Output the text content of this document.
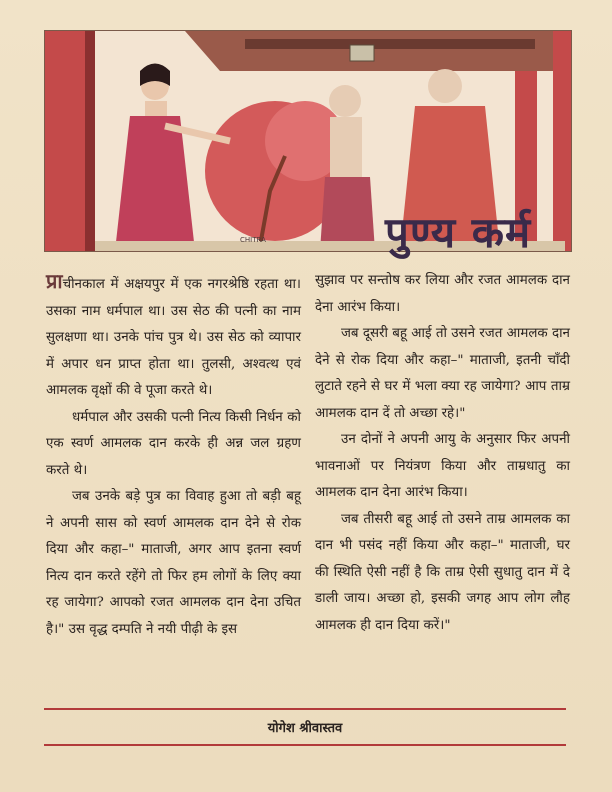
पुण्य कर्म

प्राचीनकाल में अक्षयपुर में एक नगरश्रेष्ठि रहता था। उसका नाम धर्मपाल था। उस सेठ की पत्नी का नाम सुलक्षणा था। उनके पांच पुत्र थे। उस सेठ को व्यापार में अपार धन प्राप्त होता था। तुलसी, अश्वत्थ एवं आमलक वृक्षों की वे पूजा करते थे।

धर्मपाल और उसकी पत्नी नित्य किसी निर्धन को एक स्वर्ण आमलक दान करके ही अन्न जल ग्रहण करते थे।

जब उनके बड़े पुत्र का विवाह हुआ तो बड़ी बहू ने अपनी सास को स्वर्ण आमलक दान देने से रोक दिया और कहा–" माताजी, अगर आप इतना स्वर्ण नित्य दान करते रहेंगे तो फिर हम लोगों के लिए क्या रह जायेगा? आपको रजत आमलक दान देना उचित है।" उस वृद्ध दम्पति ने नयी पीढ़ी के इस

सुझाव पर सन्तोष कर लिया और रजत आमलक दान देना आरंभ किया।

जब दूसरी बहू आई तो उसने रजत आमलक दान देने से रोक दिया और कहा–" माताजी, इतनी चाँदी लुटाते रहने से घर में भला क्या रह जायेगा? आप ताम्र आमलक दान दें तो अच्छा रहे।"

उन दोनों ने अपनी आयु के अनुसार फिर अपनी भावनाओं पर नियंत्रण किया और ताम्रधातु का आमलक दान देना आरंभ किया।

जब तीसरी बहू आई तो उसने ताम्र आमलक का दान भी पसंद नहीं किया और कहा–" माताजी, घर की स्थिति ऐसी नहीं है कि ताम्र ऐसी सुधातु दान में दे डाली जाय। अच्छा हो, इसकी जगह आप लोग लौह आमलक ही दान दिया करें।"

योगेश श्रीवास्तव
CHITRA
